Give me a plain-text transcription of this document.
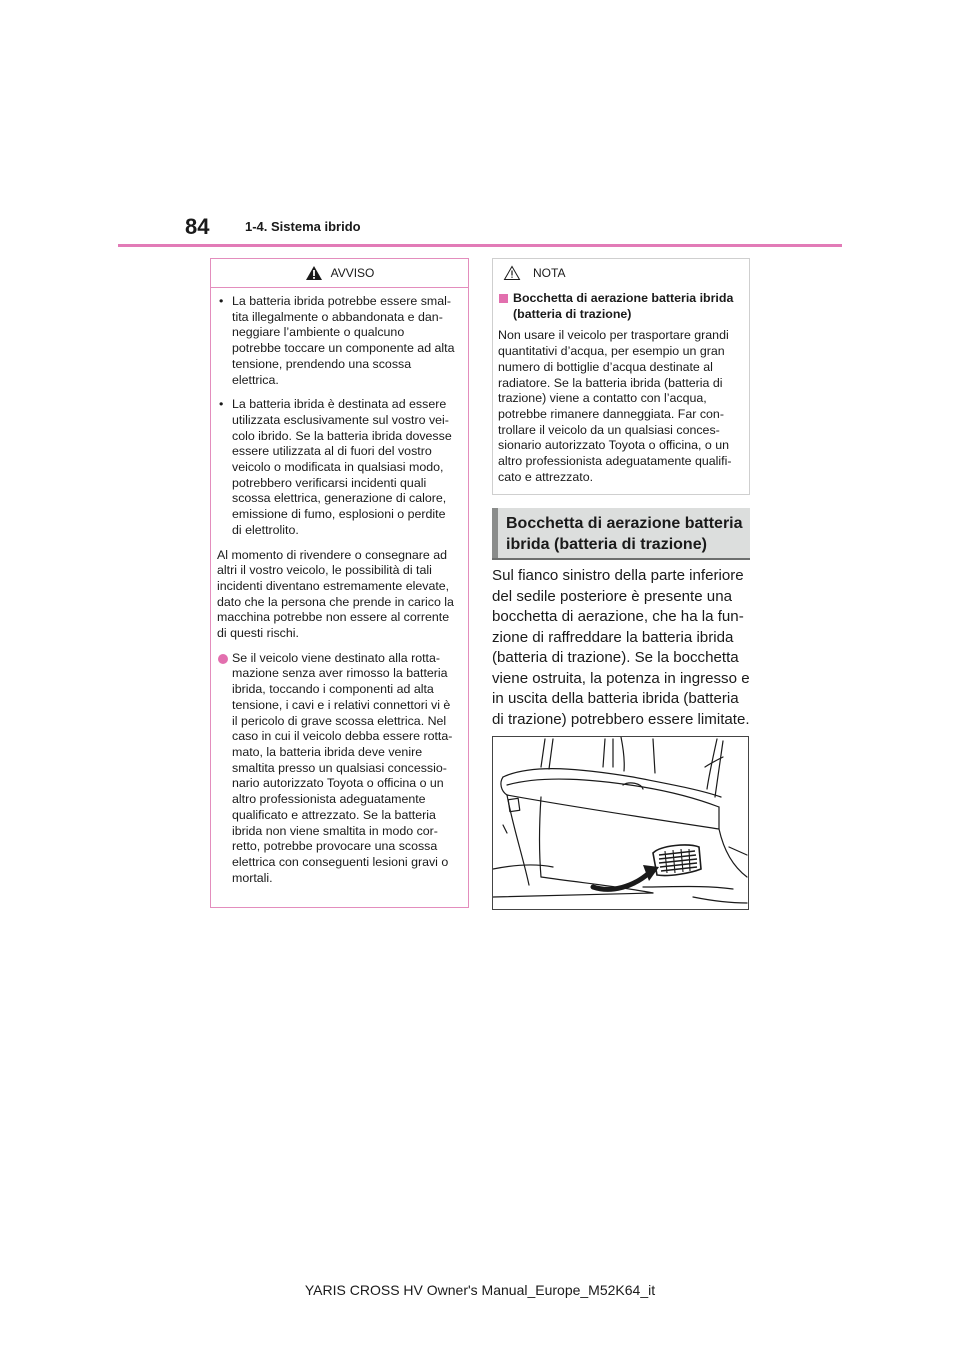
84	1-4. Sistema ibrido
AVVISO
• La batteria ibrida potrebbe essere smaltita illegalmente o abbandonata e danneggiare l’ambiente o qualcuno potrebbe toccare un componente ad alta tensione, prendendo una scossa elettrica.
• La batteria ibrida è destinata ad essere utilizzata esclusivamente sul vostro veicolo ibrido. Se la batteria ibrida dovesse essere utilizzata al di fuori del vostro veicolo o modificata in qualsiasi modo, potrebbero verificarsi incidenti quali scossa elettrica, generazione di calore, emissione di fumo, esplosioni o perdite di elettrolito.
Al momento di rivendere o consegnare ad altri il vostro veicolo, le possibilità di tali incidenti diventano estremamente elevate, dato che la persona che prende in carico la macchina potrebbe non essere al corrente di questi rischi.
Se il veicolo viene destinato alla rottamazione senza aver rimosso la batteria ibrida, toccando i componenti ad alta tensione, i cavi e i relativi connettori vi è il pericolo di grave scossa elettrica. Nel caso in cui il veicolo debba essere rottamato, la batteria ibrida deve venire smaltita presso un qualsiasi concessionario autorizzato Toyota o officina o un altro professionista adeguatamente qualificato e attrezzato. Se la batteria ibrida non viene smaltita in modo corretto, potrebbe provocare una scossa elettrica con conseguenti lesioni gravi o mortali.
NOTA
Bocchetta di aerazione batteria ibrida (batteria di trazione)
Non usare il veicolo per trasportare grandi quantitativi d’acqua, per esempio un gran numero di bottiglie d’acqua destinate al radiatore. Se la batteria ibrida (batteria di trazione) viene a contatto con l’acqua, potrebbe rimanere danneggiata. Far controllare il veicolo da un qualsiasi concessionario autorizzato Toyota o officina, o un altro professionista adeguatamente qualificato e attrezzato.
Bocchetta di aerazione batteria
ibrida (batteria di trazione)
Sul fianco sinistro della parte inferiore del sedile posteriore è presente una bocchetta di aerazione, che ha la funzione di raffreddare la batteria ibrida (batteria di trazione). Se la bocchetta viene ostruita, la potenza in ingresso e in uscita della batteria ibrida (batteria di trazione) potrebbero essere limitate.
YARIS CROSS HV Owner's Manual_Europe_M52K64_it
